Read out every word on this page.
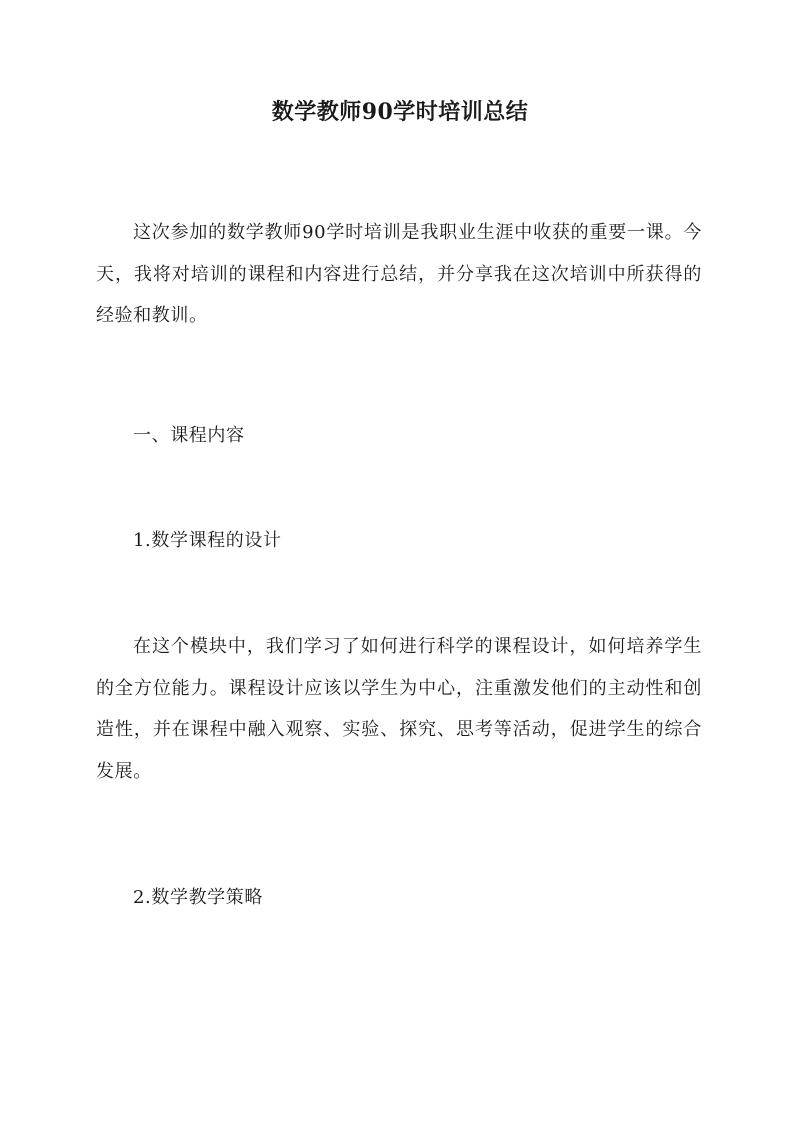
数学教师90学时培训总结

这次参加的数学教师90学时培训是我职业生涯中收获的重要一课。今天，我将对培训的课程和内容进行总结，并分享我在这次培训中所获得的经验和教训。

一、课程内容
1.数学课程的设计

在这个模块中，我们学习了如何进行科学的课程设计，如何培养学生的全方位能力。课程设计应该以学生为中心，注重激发他们的主动性和创造性，并在课程中融入观察、实验、探究、思考等活动，促进学生的综合发展。

2.数学教学策略
